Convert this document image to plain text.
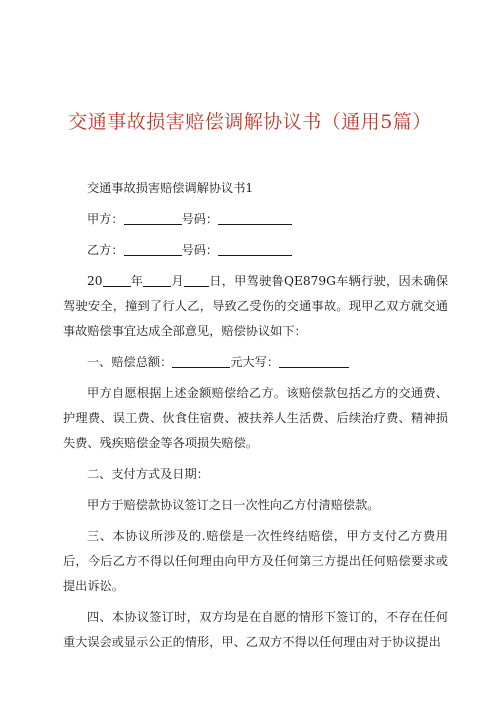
交通事故损害赔偿调解协议书（通用5篇）

交通事故损害赔偿调解协议书1

甲方：	号码：

乙方：	号码：

20 年 月 日，甲驾驶鲁QE879G车辆行驶，因未确保驾驶安全，撞到了行人乙，导致乙受伤的交通事故。现甲乙双方就交通事故赔偿事宜达成全部意见，赔偿协议如下：

一、赔偿总额：	元大写：

甲方自愿根据上述金额赔偿给乙方。该赔偿款包括乙方的交通费、护理费、误工费、伙食住宿费、被扶养人生活费、后续治疗费、精神损失费、残疾赔偿金等各项损失赔偿。

二、支付方式及日期：

甲方于赔偿款协议签订之日一次性向乙方付清赔偿款。

三、本协议所涉及的.赔偿是一次性终结赔偿，甲方支付乙方费用后，今后乙方不得以任何理由向甲方及任何第三方提出任何赔偿要求或提出诉讼。

四、本协议签订时，双方均是在自愿的情形下签订的，不存在任何重大误会或显示公正的情形，甲、乙双方不得以任何理由对于协议提出
